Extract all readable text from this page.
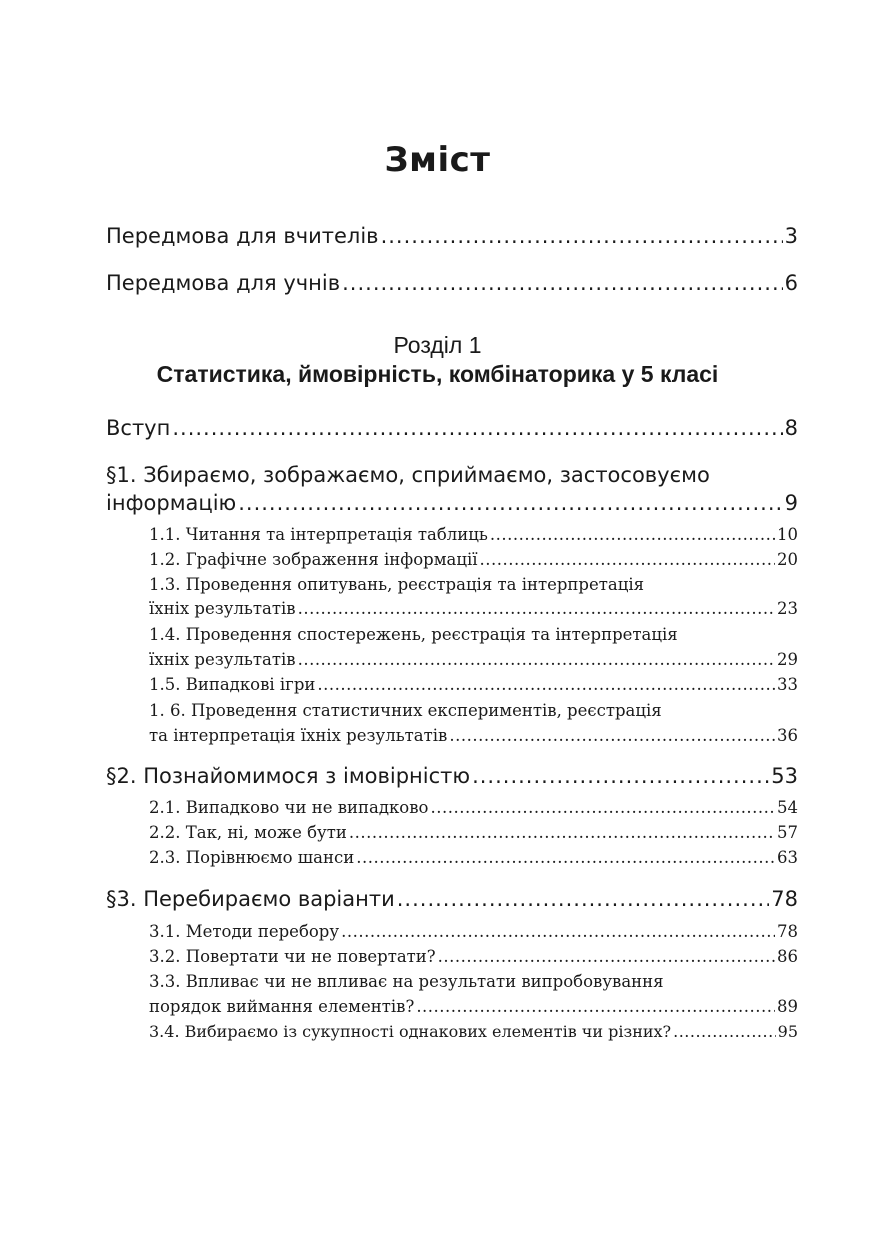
Зміст
Передмова для вчителів .....	3
Передмова для учнів .....	6
Розділ 1
Статистика, ймовірність, комбінаторика у 5 класі
Вступ .....	8
§1. Збираємо, зображаємо, сприймаємо, застосовуємо
інформацію .....	9
1.1. Читання та інтерпретація таблиць .....	10
1.2. Графічне зображення інформації .....	20
1.3. Проведення опитувань, реєстрація та інтерпретація
їхніх результатів .....	23
1.4. Проведення спостережень, реєстрація та інтерпретація
їхніх результатів .....	29
1.5. Випадкові ігри .....	33
1. 6. Проведення статистичних експериментів, реєстрація
та інтерпретація їхніх результатів .....	36
§2. Познайомимося з імовірністю .....	53
2.1. Випадково чи не випадково .....	54
2.2. Так, ні, може бути .....	57
2.3. Порівнюємо шанси .....	63
§3. Перебираємо варіанти .....	78
3.1. Методи перебору .....	78
3.2. Повертати чи не повертати? .....	86
3.3. Впливає чи не впливає на результати випробовування
порядок виймання елементів? .....	89
3.4. Вибираємо із сукупності однакових елементів чи різних? .....	95
